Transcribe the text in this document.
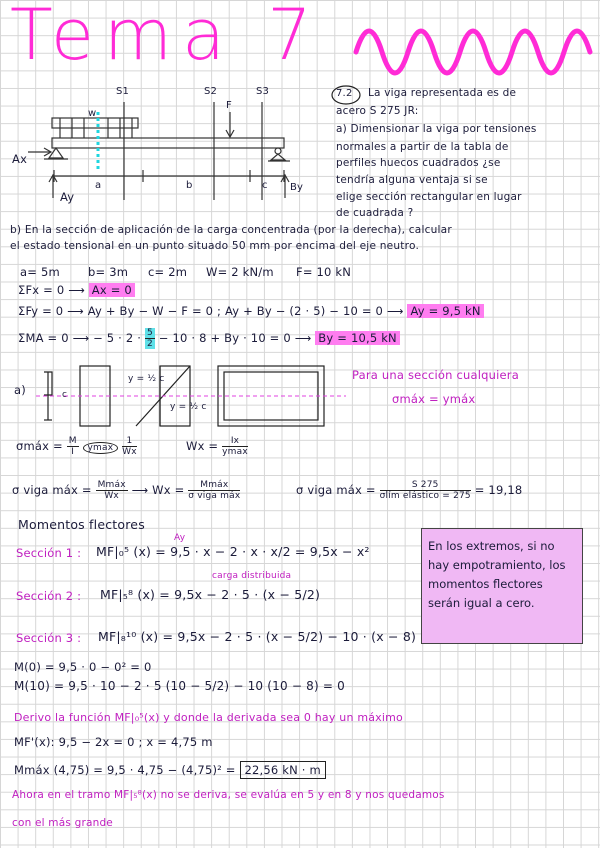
Tema 7
S1	S2	S3
w
F
Ax
Ay
By
a	b	c
7.2 La viga representada es de
acero S 275 JR:
a) Dimensionar la viga por tensiones
normales a partir de la tabla de
perfiles huecos cuadrados ¿se
tendría alguna ventaja si se
elige sección rectangular en lugar
de cuadrada ?
b) En la sección de aplicación de la carga concentrada (por la derecha), calcular
el estado tensional en un punto situado 50 mm por encima del eje neutro.
a= 5m b= 3m c= 2m W= 2 kN/m F= 10 kN
ΣFx = 0 ⟶ Ax = 0
ΣFy = 0 ⟶ Ay + By − W − F = 0 ; Ay + By − (2 · 5) − 10 = 0 ⟶ Ay = 9,5 kN
ΣMA = 0 ⟶ − $5 \cdot 2 \cdot \frac{5}{2} - 10 \cdot 8 + By \cdot 10 = 0$ ⟶ By = 10,5 kN
a)	c
y = ½ c
y = ½ c
Para una sección cualquiera
σmáx = ymáx
σmáx = $\frac{M}{I}$ ymax $\frac{1}{Wx}$	$Wx = \frac{Ix}{ymax}$
σ viga máx = $\frac{\text{Mmáx}}{Wx}$ ⟶ $Wx = \frac{\text{Mmáx}}{\text{σ viga máx}}$	σ viga máx = $\frac{S 275}{\text{σlím elástico = 275}} = 19,18$
Momentos flectores
Ay
Sección 1 : MF|₀⁵ (x) = 9,5 · x − 2 · x · x/2 = 9,5x − x²
carga distribuida
Sección 2 : MF|₅⁸ (x) = 9,5x − 2 · 5 · (x − 5/2)
Sección 3 : MF|₈¹⁰ (x) = 9,5x − 2 · 5 · (x − 5/2) − 10 · (x − 8)
M(0) = 9,5 · 0 − 0² = 0
M(10) = 9,5 · 10 − 2 · 5 (10 − 5/2) − 10 (10 − 8) = 0
En los extremos, si no hay empotramiento, los momentos flectores serán igual a cero.
Derivo la función MF|₀⁵(x) y donde la derivada sea 0 hay un máximo
MF'(x): 9,5 − 2x = 0 ; x = 4,75 m
Mmáx (4,75) = 9,5 · 4,75 − (4,75)² = 22,56 kN · m
Ahora en el tramo MF|₅⁸(x) no se deriva, se evalúa en 5 y en 8 y nos quedamos
con el más grande
